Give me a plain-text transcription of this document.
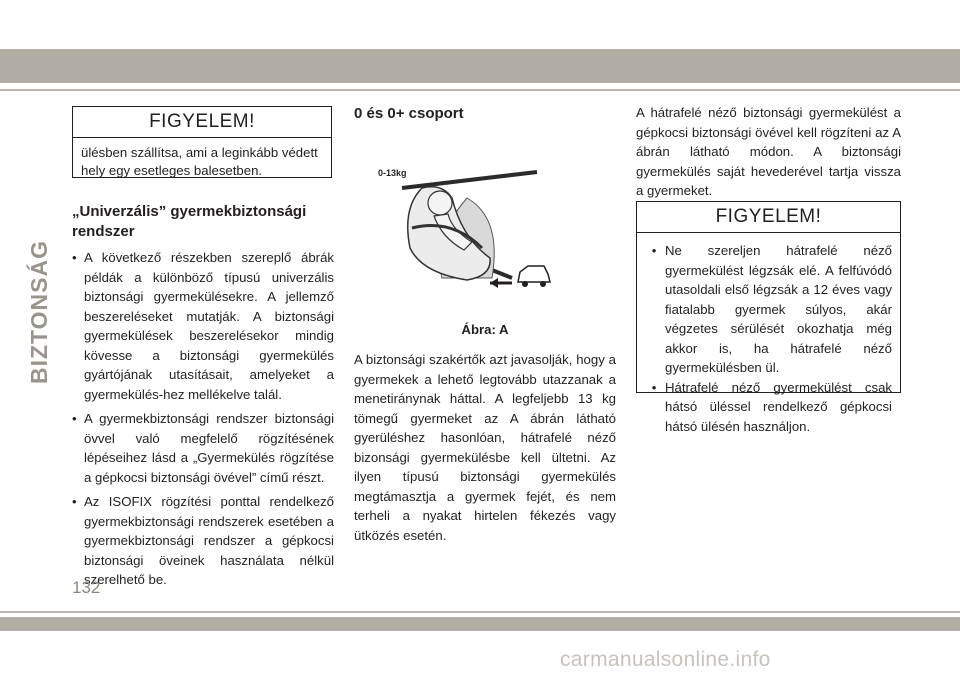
BIZTONSÁG
FIGYELEM!
ülésben szállítsa, ami a leginkább védett hely egy esetleges balesetben.
„Univerzális” gyermekbiztonsági rendszer
• A következő részekben szereplő ábrák példák a különböző típusú univerzális biztonsági gyermekülésekre. A jellemző beszereléseket mutatják. A biztonsági gyermekülések beszerelésekor mindig kövesse a biztonsági gyermekülés gyártójának utasításait, amelyeket a gyermekülés-hez mellékelve talál.
• A gyermekbiztonsági rendszer biztonsági övvel való megfelelő rögzítésének lépéseihez lásd a „Gyermekülés rögzítése a gépkocsi biztonsági övével” című részt.
• Az ISOFIX rögzítési ponttal rendelkező gyermekbiztonsági rendszerek esetében a gyermekbiztonsági rendszer a gépkocsi biztonsági öveinek használata nélkül szerelhető be.
0 és 0+ csoport
0-13kg
Ábra: A

A biztonsági szakértők azt javasolják, hogy a gyermekek a lehető legtovább utazzanak a menetiránynak háttal. A legfeljebb 13 kg tömegű gyermeket az A ábrán látható gyerüléshez hasonlóan, hátrafelé néző bizonsági gyermekülésbe kell ültetni. Az ilyen típusú biztonsági gyermekülés megtámasztja a gyermek fejét, és nem terheli a nyakat hirtelen fékezés vagy ütközés esetén.

A hátrafelé néző biztonsági gyermekülést a gépkocsi biztonsági övével kell rögzíteni az A ábrán látható módon. A biztonsági gyermekülés saját hevederével tartja vissza a gyermeket.

FIGYELEM!
• Ne szereljen hátrafelé néző gyermekülést légzsák elé. A felfúvódó utasoldali első légzsák a 12 éves vagy fiatalabb gyermek súlyos, akár végzetes sérülését okozhatja még akkor is, ha hátrafelé néző gyermekülésben ül.
• Hátrafelé néző gyermekülést csak hátsó üléssel rendelkező gépkocsi hátsó ülésén használjon.
132
carmanualsonline.info
